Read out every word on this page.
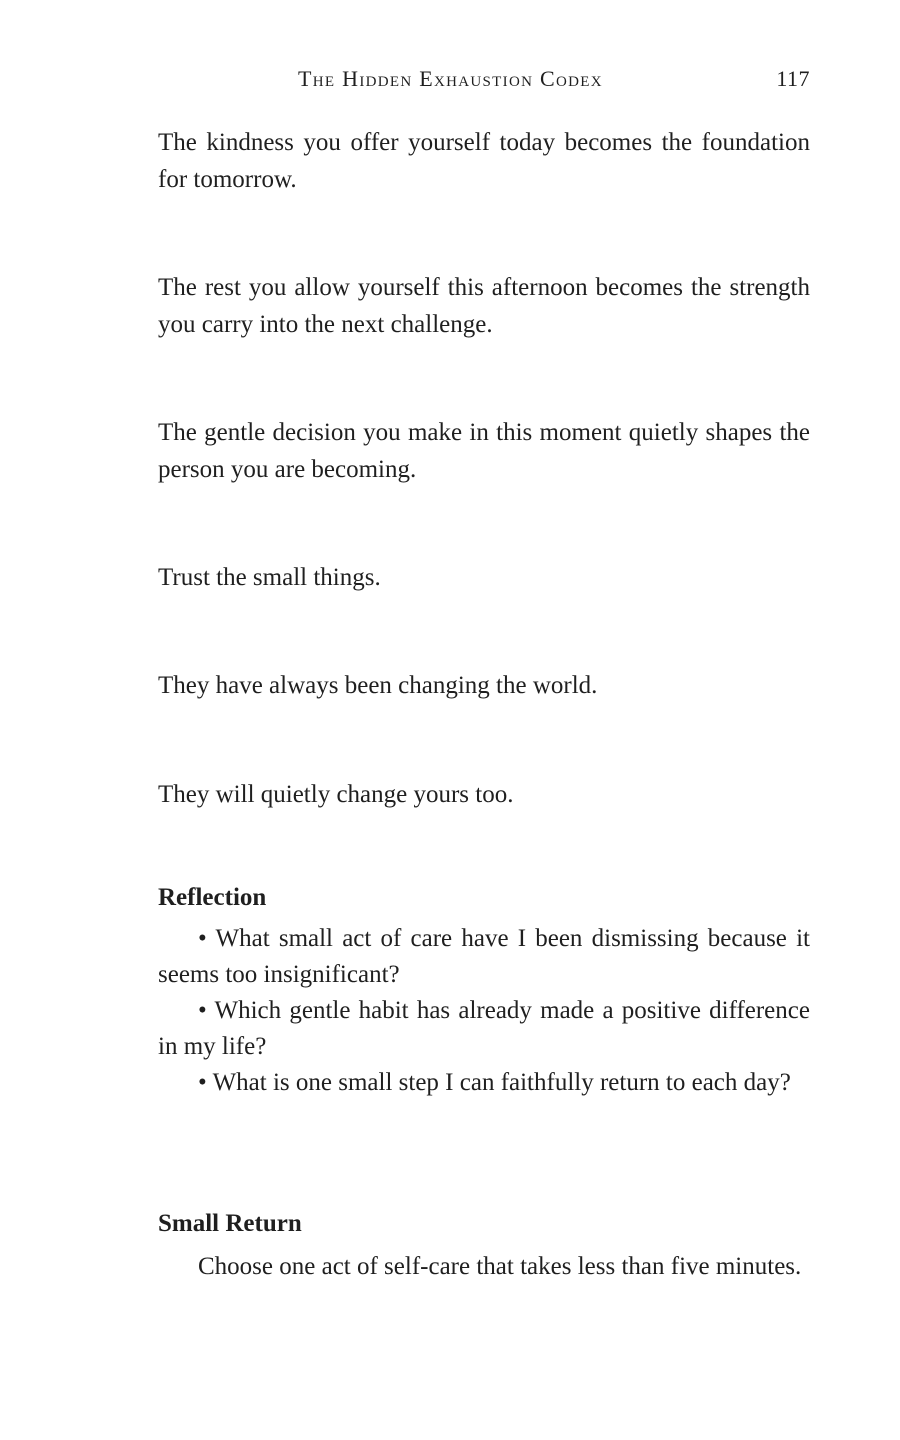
The Hidden Exhaustion Codex	117

The kindness you offer yourself today becomes the foundation for tomorrow.

The rest you allow yourself this afternoon becomes the strength you carry into the next challenge.

The gentle decision you make in this moment quietly shapes the person you are becoming.

Trust the small things.

They have always been changing the world.

They will quietly change yours too.

Reflection
• What small act of care have I been dismissing because it seems too insignificant?
• Which gentle habit has already made a positive difference in my life?
• What is one small step I can faithfully return to each day?
Small Return

Choose one act of self-care that takes less than five minutes.
